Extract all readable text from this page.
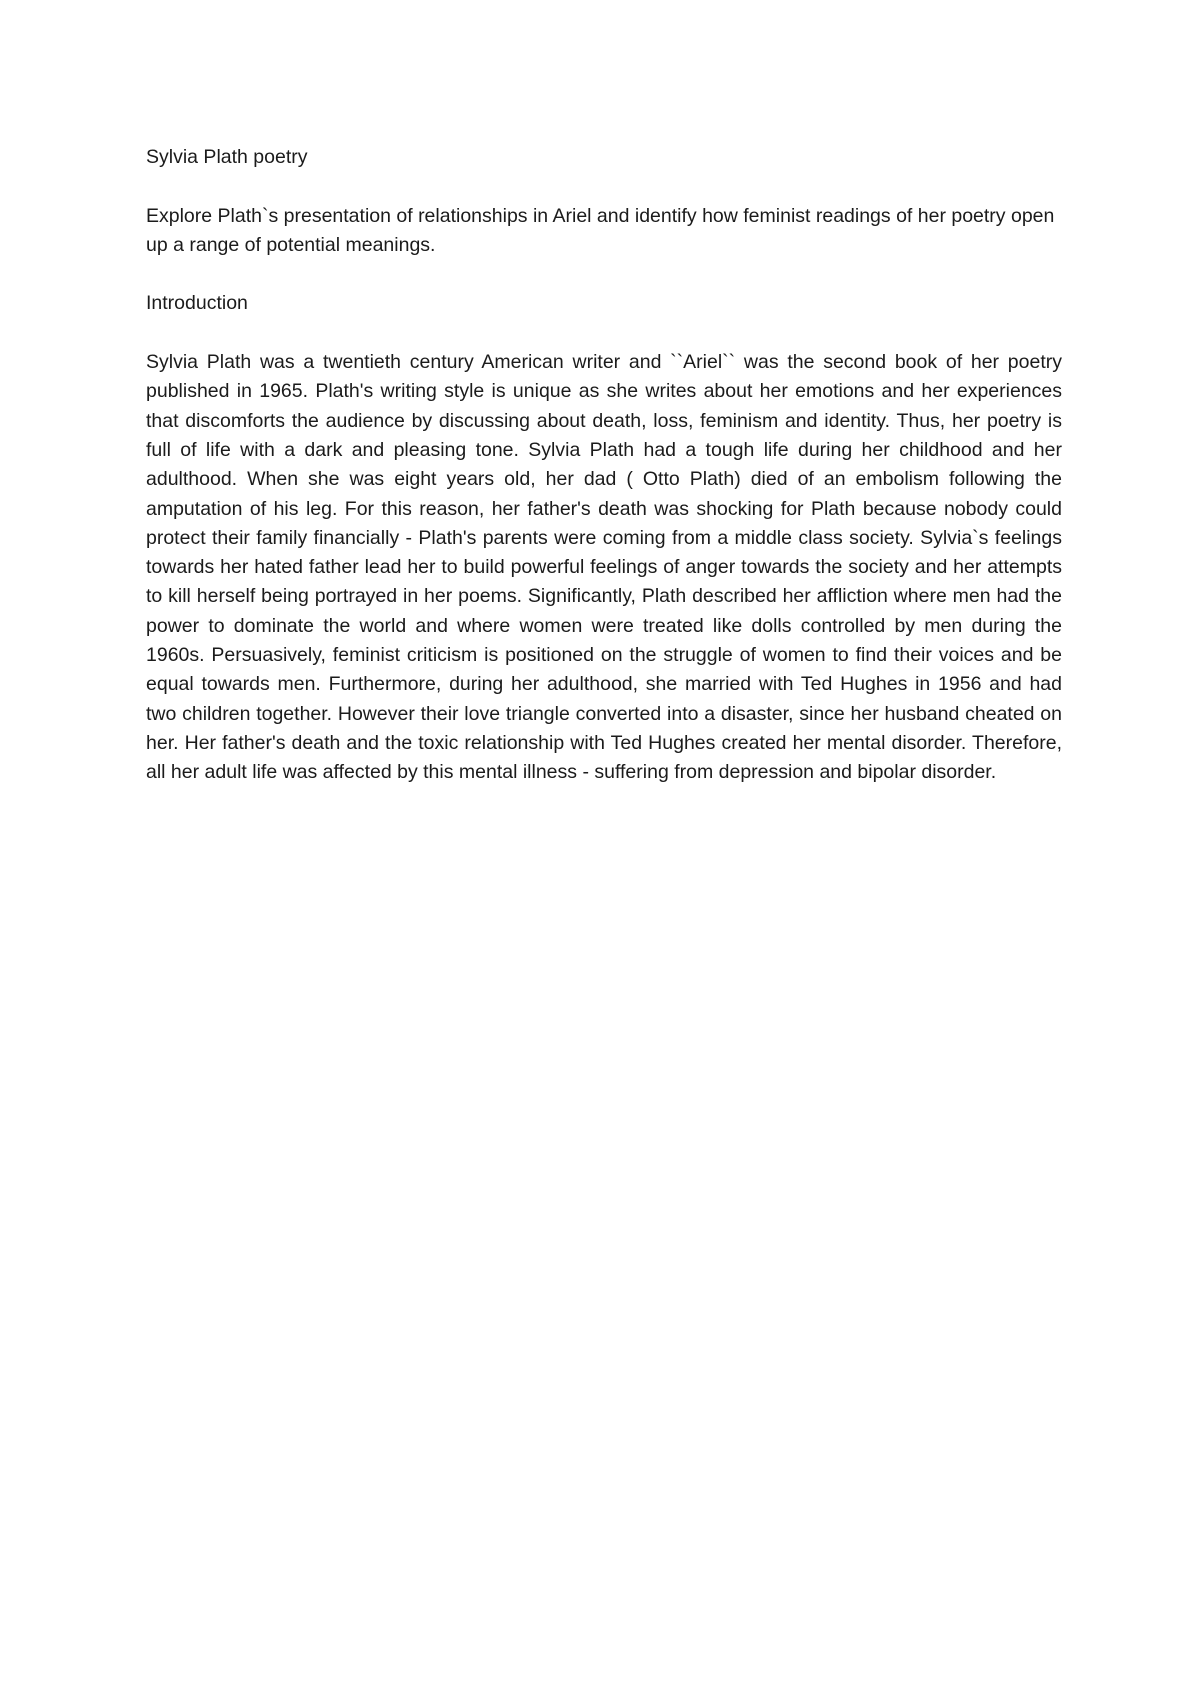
Sylvia Plath poetry

Explore Plath`s presentation of relationships in Ariel and identify how feminist readings of her poetry open up a range of potential meanings.

Introduction

Sylvia Plath was a twentieth century American writer and ``Ariel`` was the second book of her poetry published in 1965. Plath's writing style is unique as she writes about her emotions and her experiences that discomforts the audience by discussing about death, loss, feminism and identity. Thus, her poetry is full of life with a dark and pleasing tone. Sylvia Plath had a tough life during her childhood and her adulthood. When she was eight years old, her dad ( Otto Plath) died of an embolism following the amputation of his leg. For this reason, her father's death was shocking for Plath because nobody could protect their family financially - Plath's parents were coming from a middle class society. Sylvia`s feelings towards her hated father lead her to build powerful feelings of anger towards the society and her attempts to kill herself being portrayed in her poems. Significantly, Plath described her affliction where men had the power to dominate the world and where women were treated like dolls controlled by men during the 1960s. Persuasively, feminist criticism is positioned on the struggle of women to find their voices and be equal towards men. Furthermore, during her adulthood, she married with Ted Hughes in 1956 and had two children together. However their love triangle converted into a disaster, since her husband cheated on her. Her father's death and the toxic relationship with Ted Hughes created her mental disorder. Therefore, all her adult life was affected by this mental illness - suffering from depression and bipolar disorder.
